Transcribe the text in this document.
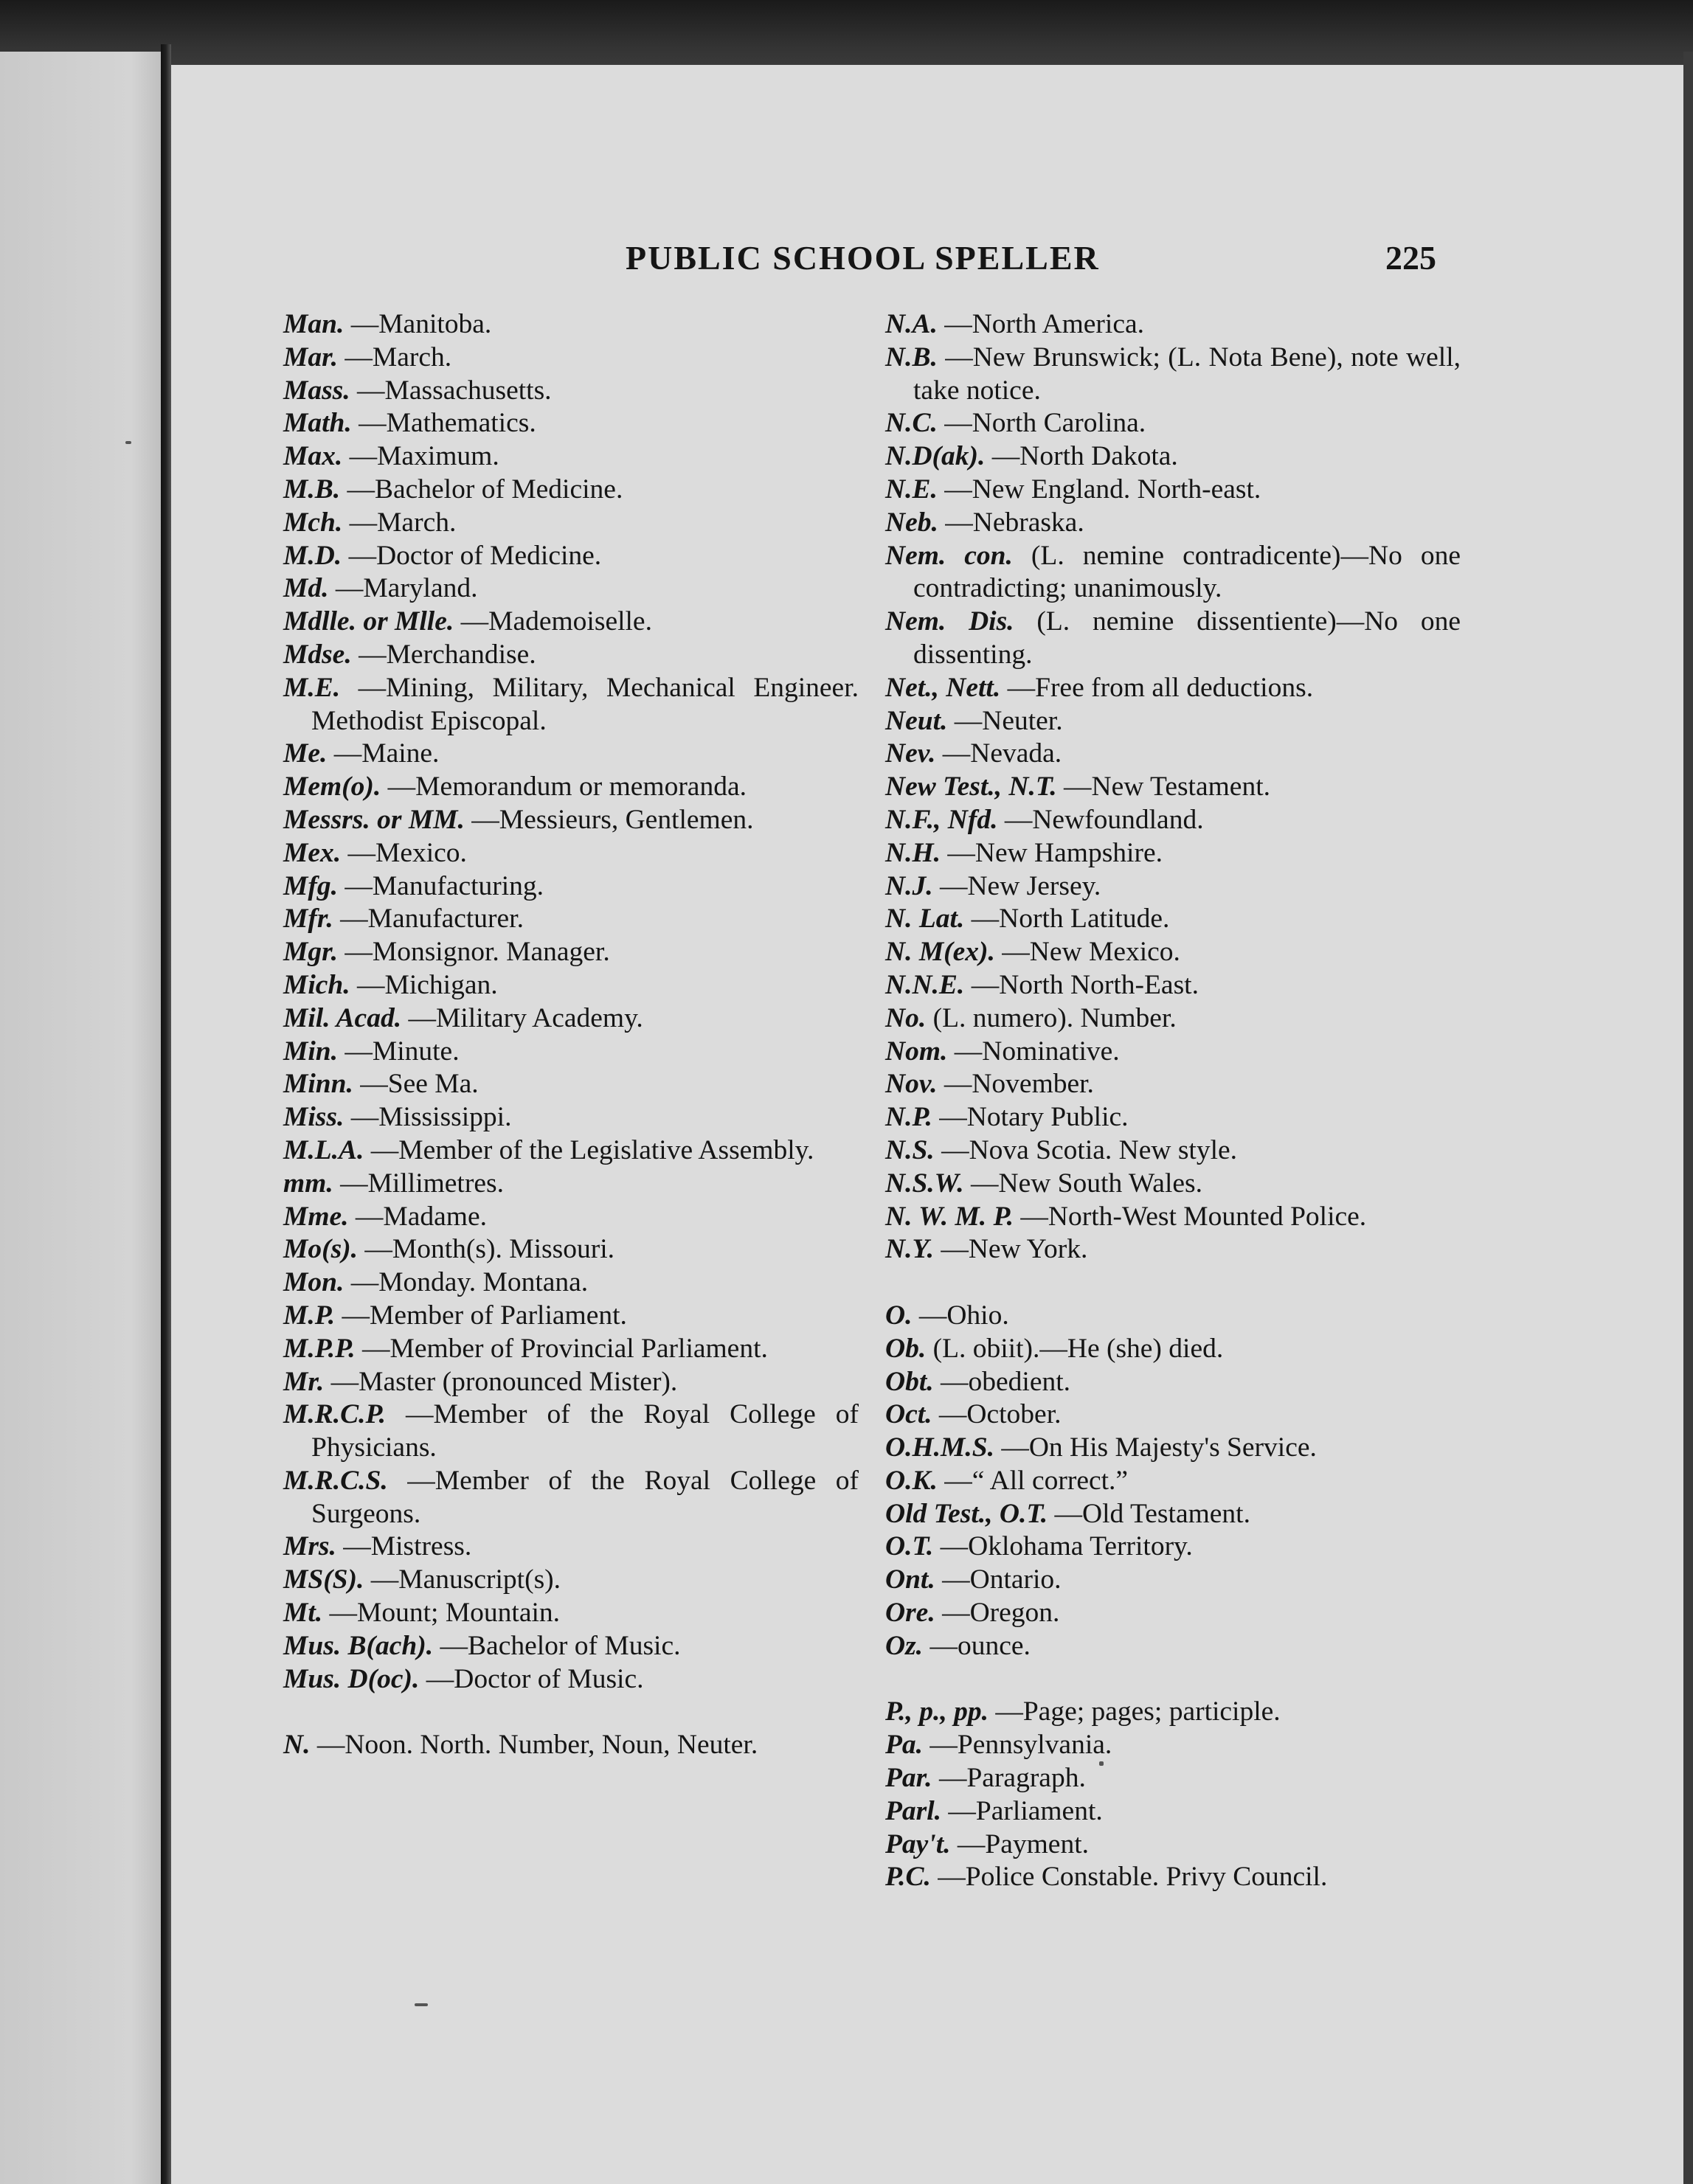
PUBLIC SCHOOL SPELLER	225
Man. —Manitoba.
Mar. —March.
Mass. —Massachusetts.
Math. —Mathematics.
Max. —Maximum.
M.B. —Bachelor of Medicine.
Mch. —March.
M.D. —Doctor of Medicine.
Md. —Maryland.
Mdlle. or Mlle. —Mademoiselle.
Mdse. —Merchandise.
M.E. —Mining, Military, Mechanical Engineer. Methodist Episcopal.
Me. —Maine.
Mem(o). —Memorandum or memoranda.
Messrs. or MM. —Messieurs, Gentlemen.
Mex. —Mexico.
Mfg. —Manufacturing.
Mfr. —Manufacturer.
Mgr. —Monsignor. Manager.
Mich. —Michigan.
Mil. Acad. —Military Academy.
Min. —Minute.
Minn. —See Ma.
Miss. —Mississippi.
M.L.A. —Member of the Legislative Assembly.
mm. —Millimetres.
Mme. —Madame.
Mo(s). —Month(s). Missouri.
Mon. —Monday. Montana.
M.P. —Member of Parliament.
M.P.P. —Member of Provincial Parliament.
Mr. —Master (pronounced Mister).
M.R.C.P. —Member of the Royal College of Physicians.
M.R.C.S. —Member of the Royal College of Surgeons.
Mrs. —Mistress.
MS(S). —Manuscript(s).
Mt. —Mount; Mountain.
Mus. B(ach). —Bachelor of Music.
Mus. D(oc). —Doctor of Music.
N. —Noon. North. Number, Noun, Neuter.
N.A. —North America.
N.B. —New Brunswick; (L. Nota Bene), note well, take notice.
N.C. —North Carolina.
N.D(ak). —North Dakota.
N.E. —New England. North-east.
Neb. —Nebraska.
Nem. con. (L. nemine contradicente)—No one contradicting; unanimously.
Nem. Dis. (L. nemine dissentiente)—No one dissenting.
Net., Nett. —Free from all deductions.
Neut. —Neuter.
Nev. —Nevada.
New Test., N.T. —New Testament.
N.F., Nfd. —Newfoundland.
N.H. —New Hampshire.
N.J. —New Jersey.
N. Lat. —North Latitude.
N. M(ex). —New Mexico.
N.N.E. —North North-East.
No. (L. numero). Number.
Nom. —Nominative.
Nov. —November.
N.P. —Notary Public.
N.S. —Nova Scotia. New style.
N.S.W. —New South Wales.
N. W. M. P. —North-West Mounted Police.
N.Y. —New York.
O. —Ohio.
Ob. (L. obiit).—He (she) died.
Obt. —obedient.
Oct. —October.
O.H.M.S. —On His Majesty's Service.
O.K. —“ All correct.”
Old Test., O.T. —Old Testament.
O.T. —Oklohama Territory.
Ont. —Ontario.
Ore. —Oregon.
Oz. —ounce.
P., p., pp. —Page; pages; participle.
Pa. —Pennsylvania.
Par. —Paragraph.
Parl. —Parliament.
Pay't. —Payment.
P.C. —Police Constable. Privy Council.
